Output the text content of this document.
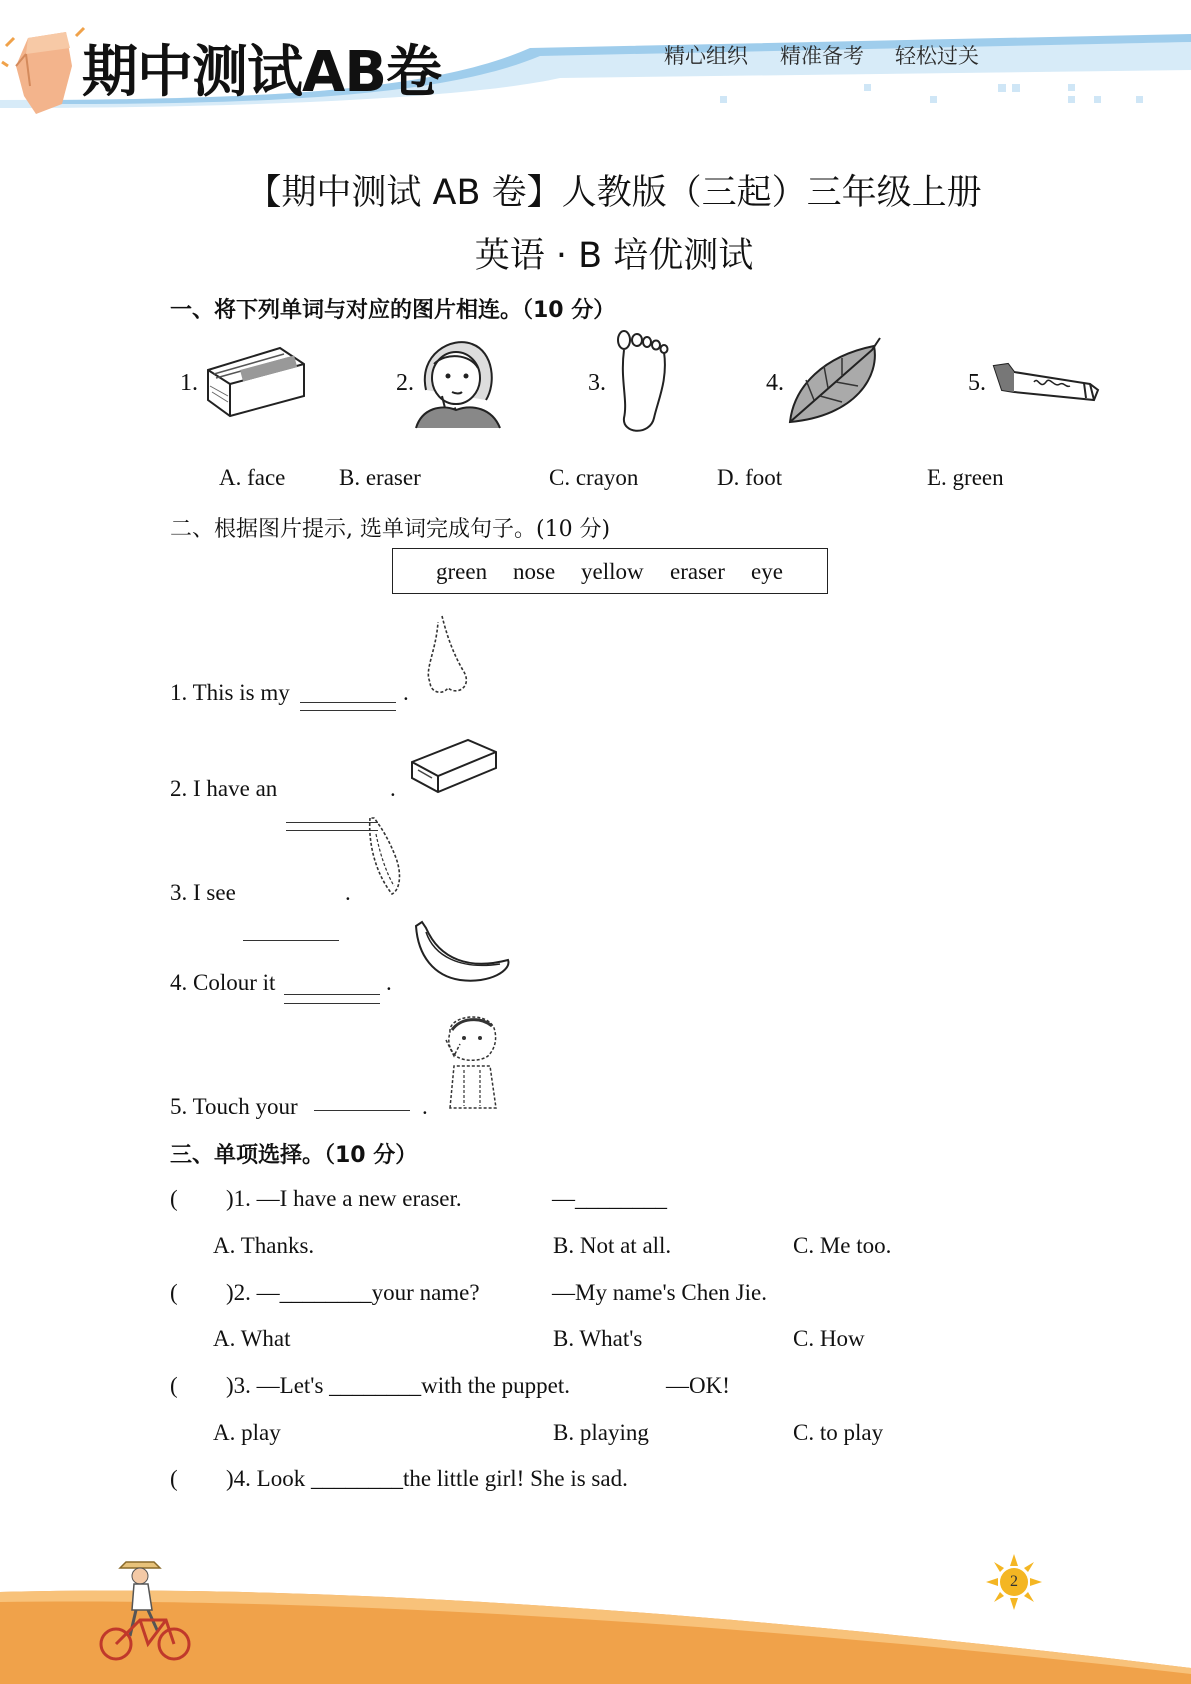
期中测试AB卷	精心组织 精准备考 轻松过关
【期中测试 AB 卷】人教版（三起）三年级上册
英语 · B 培优测试
一、将下列单词与对应的图片相连。（10 分）
1.	2.	3.	4.	5.
A. face B. eraser	C. crayon	D. foot	E. green
二、根据图片提示, 选单词完成句子。(10 分)
green nose yellow eraser eye
1. This is my	.
2. I have an	.
3. I see	.
4. Colour it	.
5. Touch your	.
三、单项选择。（10 分）
( )1. —I have a new eraser.	—________
A. Thanks.	B. Not at all.	C. Me too.
( )2. —________your name?	—My name's Chen Jie.
A. What	B. What's	C. How
( )3. —Let's ________with the puppet.	—OK!
A. play	B. playing	C. to play
( )4. Look ________the little girl! She is sad.
2
